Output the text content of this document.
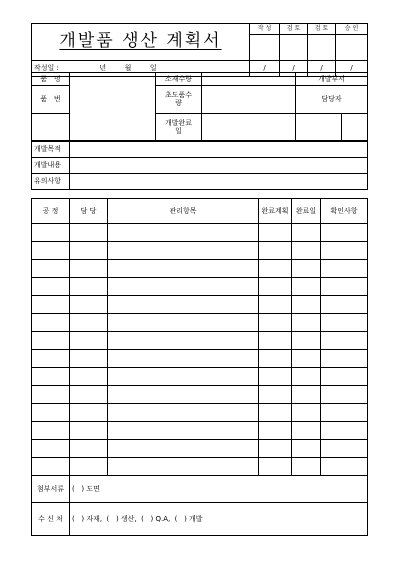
개발품 생산 계획서	작 성	검 토	검 토	승 인

작성일 : 년 월 일	/	/	/	/
품   명		소재수량		개발부서	
품   번		초도품수량		담당자	
		개발완료일			
개발목적	
개발내용	
유의사항	
공 정	담 당	관리항목	완료계획	완료일	확인사항

첨부서류	(   ) 도면
수 신 처	(   ) 자재,  (   ) 생산,  (   ) Q.A,  (   ) 개발
